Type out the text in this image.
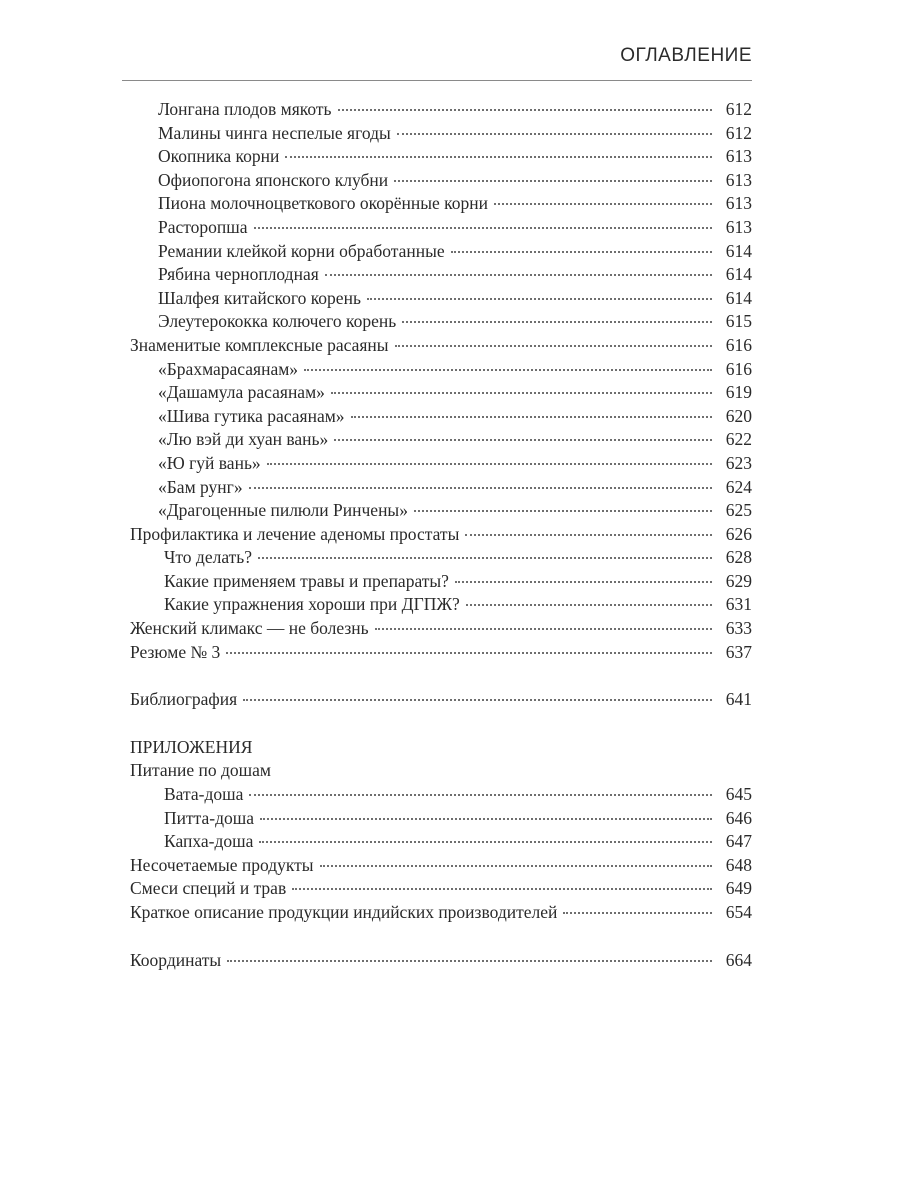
ОГЛАВЛЕНИЕ
Лонгана плодов мякоть	612
Малины чинга неспелые ягоды	612
Окопника корни	613
Офиопогона японского клубни	613
Пиона молочноцветкового окорённые корни	613
Расторопша	613
Ремании клейкой корни обработанные	614
Рябина черноплодная	614
Шалфея китайского корень	614
Элеутерококка колючего корень	615
Знаменитые комплексные расаяны	616
«Брахмарасаянам»	616
«Дашамула расаянам»	619
«Шива гутика расаянам»	620
«Лю вэй ди хуан вань»	622
«Ю гуй вань»	623
«Бам рунг»	624
«Драгоценные пилюли Ринчены»	625
Профилактика и лечение аденомы простаты	626
Что делать?	628
Какие применяем травы и препараты?	629
Какие упражнения хороши при ДГПЖ?	631
Женский климакс — не болезнь	633
Резюме № 3	637
Библиография	641
ПРИЛОЖЕНИЯ
Питание по дошам
Вата-доша	645
Питта-доша	646
Капха-доша	647
Несочетаемые продукты	648
Смеси специй и трав	649
Краткое описание продукции индийских производителей	654
Координаты	664
